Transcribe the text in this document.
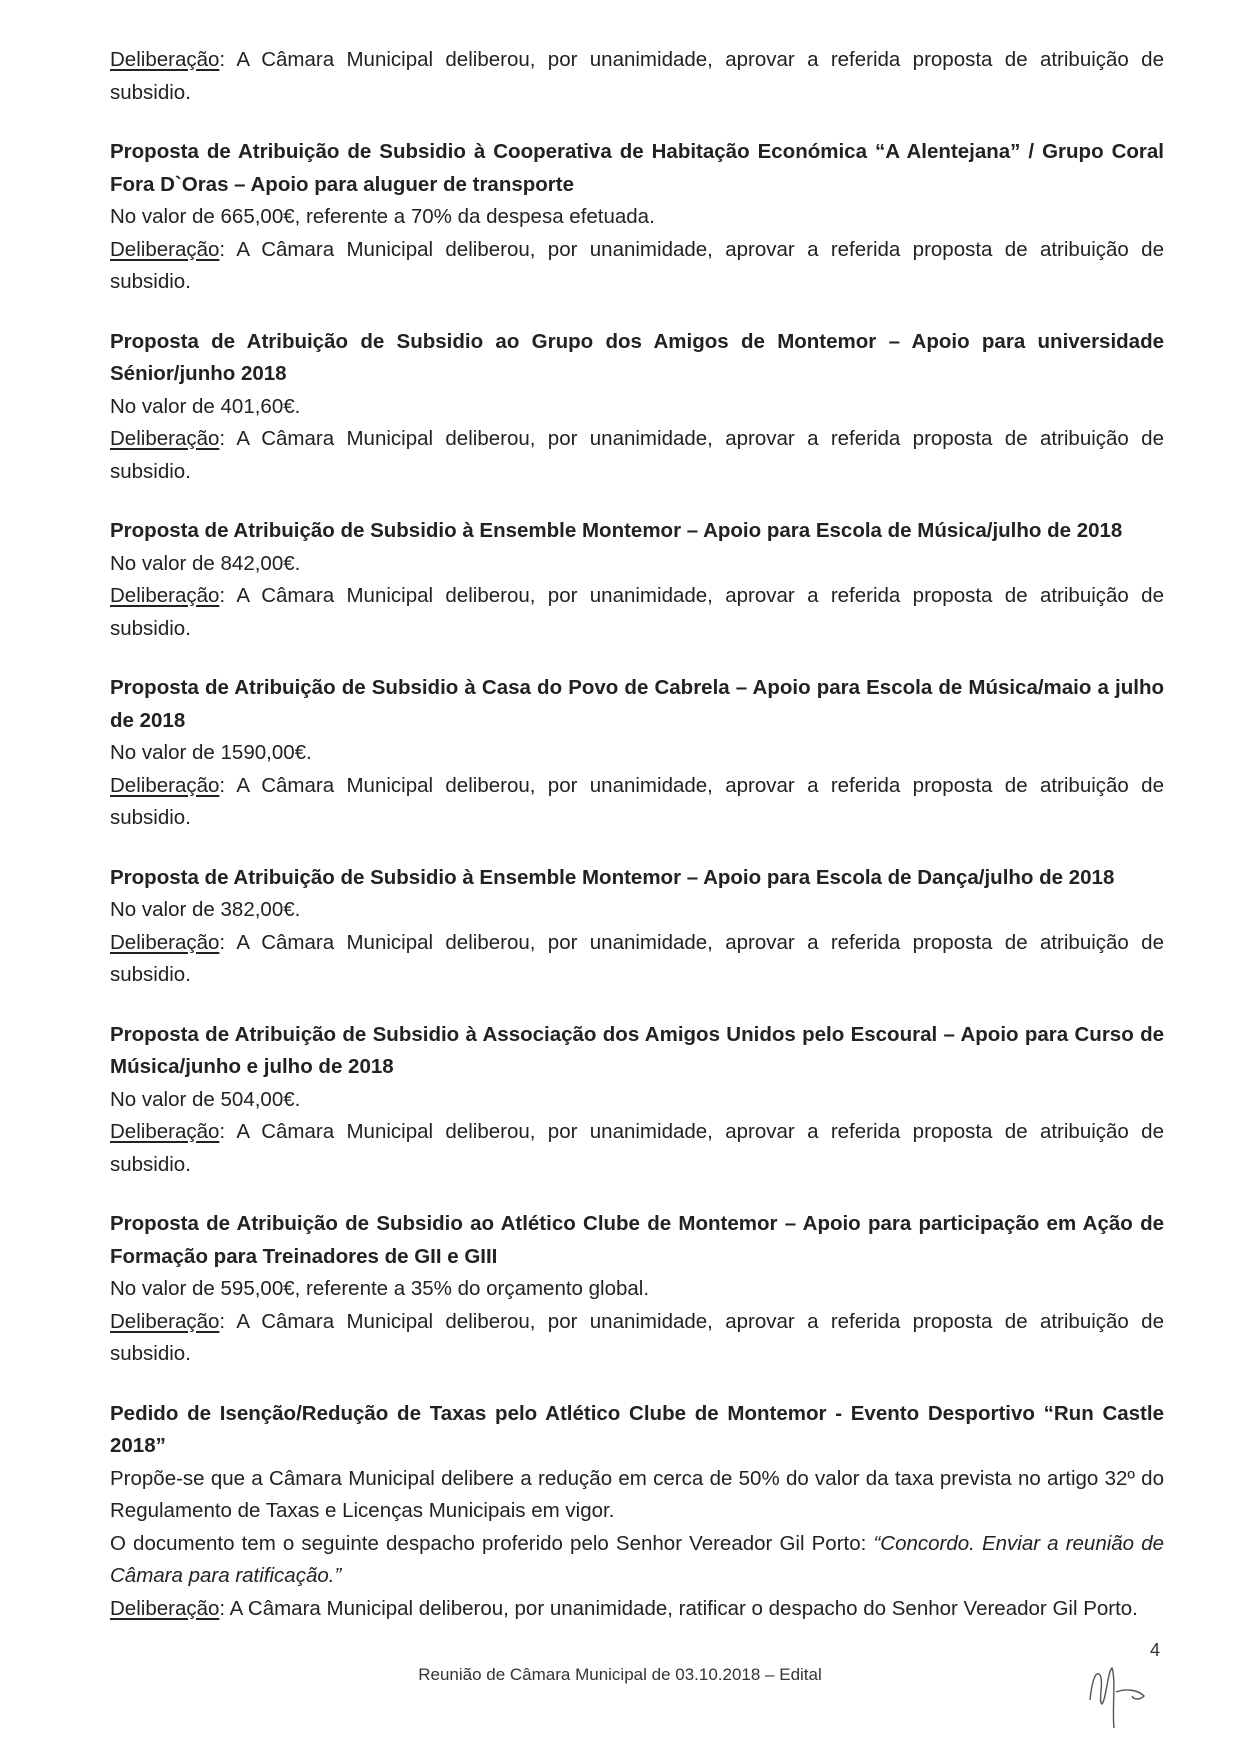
Deliberação: A Câmara Municipal deliberou, por unanimidade, aprovar a referida proposta de atribuição de subsidio.

Proposta de Atribuição de Subsidio à Cooperativa de Habitação Económica “A Alentejana” / Grupo Coral Fora D`Oras – Apoio para aluguer de transporte

No valor de 665,00€, referente a 70% da despesa efetuada.

Deliberação: A Câmara Municipal deliberou, por unanimidade, aprovar a referida proposta de atribuição de subsidio.

Proposta de Atribuição de Subsidio ao Grupo dos Amigos de Montemor – Apoio para universidade Sénior/junho 2018

No valor de 401,60€.

Deliberação: A Câmara Municipal deliberou, por unanimidade, aprovar a referida proposta de atribuição de subsidio.

Proposta de Atribuição de Subsidio à Ensemble Montemor – Apoio para Escola de Música/julho de 2018

No valor de 842,00€.

Deliberação: A Câmara Municipal deliberou, por unanimidade, aprovar a referida proposta de atribuição de subsidio.

Proposta de Atribuição de Subsidio à Casa do Povo de Cabrela – Apoio para Escola de Música/maio a julho de 2018

No valor de 1590,00€.

Deliberação: A Câmara Municipal deliberou, por unanimidade, aprovar a referida proposta de atribuição de subsidio.

Proposta de Atribuição de Subsidio à Ensemble Montemor – Apoio para Escola de Dança/julho de 2018

No valor de 382,00€.

Deliberação: A Câmara Municipal deliberou, por unanimidade, aprovar a referida proposta de atribuição de subsidio.

Proposta de Atribuição de Subsidio à Associação dos Amigos Unidos pelo Escoural – Apoio para Curso de Música/junho e julho de 2018

No valor de 504,00€.

Deliberação: A Câmara Municipal deliberou, por unanimidade, aprovar a referida proposta de atribuição de subsidio.

Proposta de Atribuição de Subsidio ao Atlético Clube de Montemor – Apoio para participação em Ação de Formação para Treinadores de GII e GIII

No valor de 595,00€, referente a 35% do orçamento global.

Deliberação: A Câmara Municipal deliberou, por unanimidade, aprovar a referida proposta de atribuição de subsidio.

Pedido de Isenção/Redução de Taxas pelo Atlético Clube de Montemor - Evento Desportivo “Run Castle 2018”

Propõe-se que a Câmara Municipal delibere a redução em cerca de 50% do valor da taxa prevista no artigo 32º do Regulamento de Taxas e Licenças Municipais em vigor.

O documento tem o seguinte despacho proferido pelo Senhor Vereador Gil Porto: “Concordo. Enviar a reunião de Câmara para ratificação.”

Deliberação: A Câmara Municipal deliberou, por unanimidade, ratificar o despacho do Senhor Vereador Gil Porto.

4
Reunião de Câmara Municipal de 03.10.2018 – Edital
